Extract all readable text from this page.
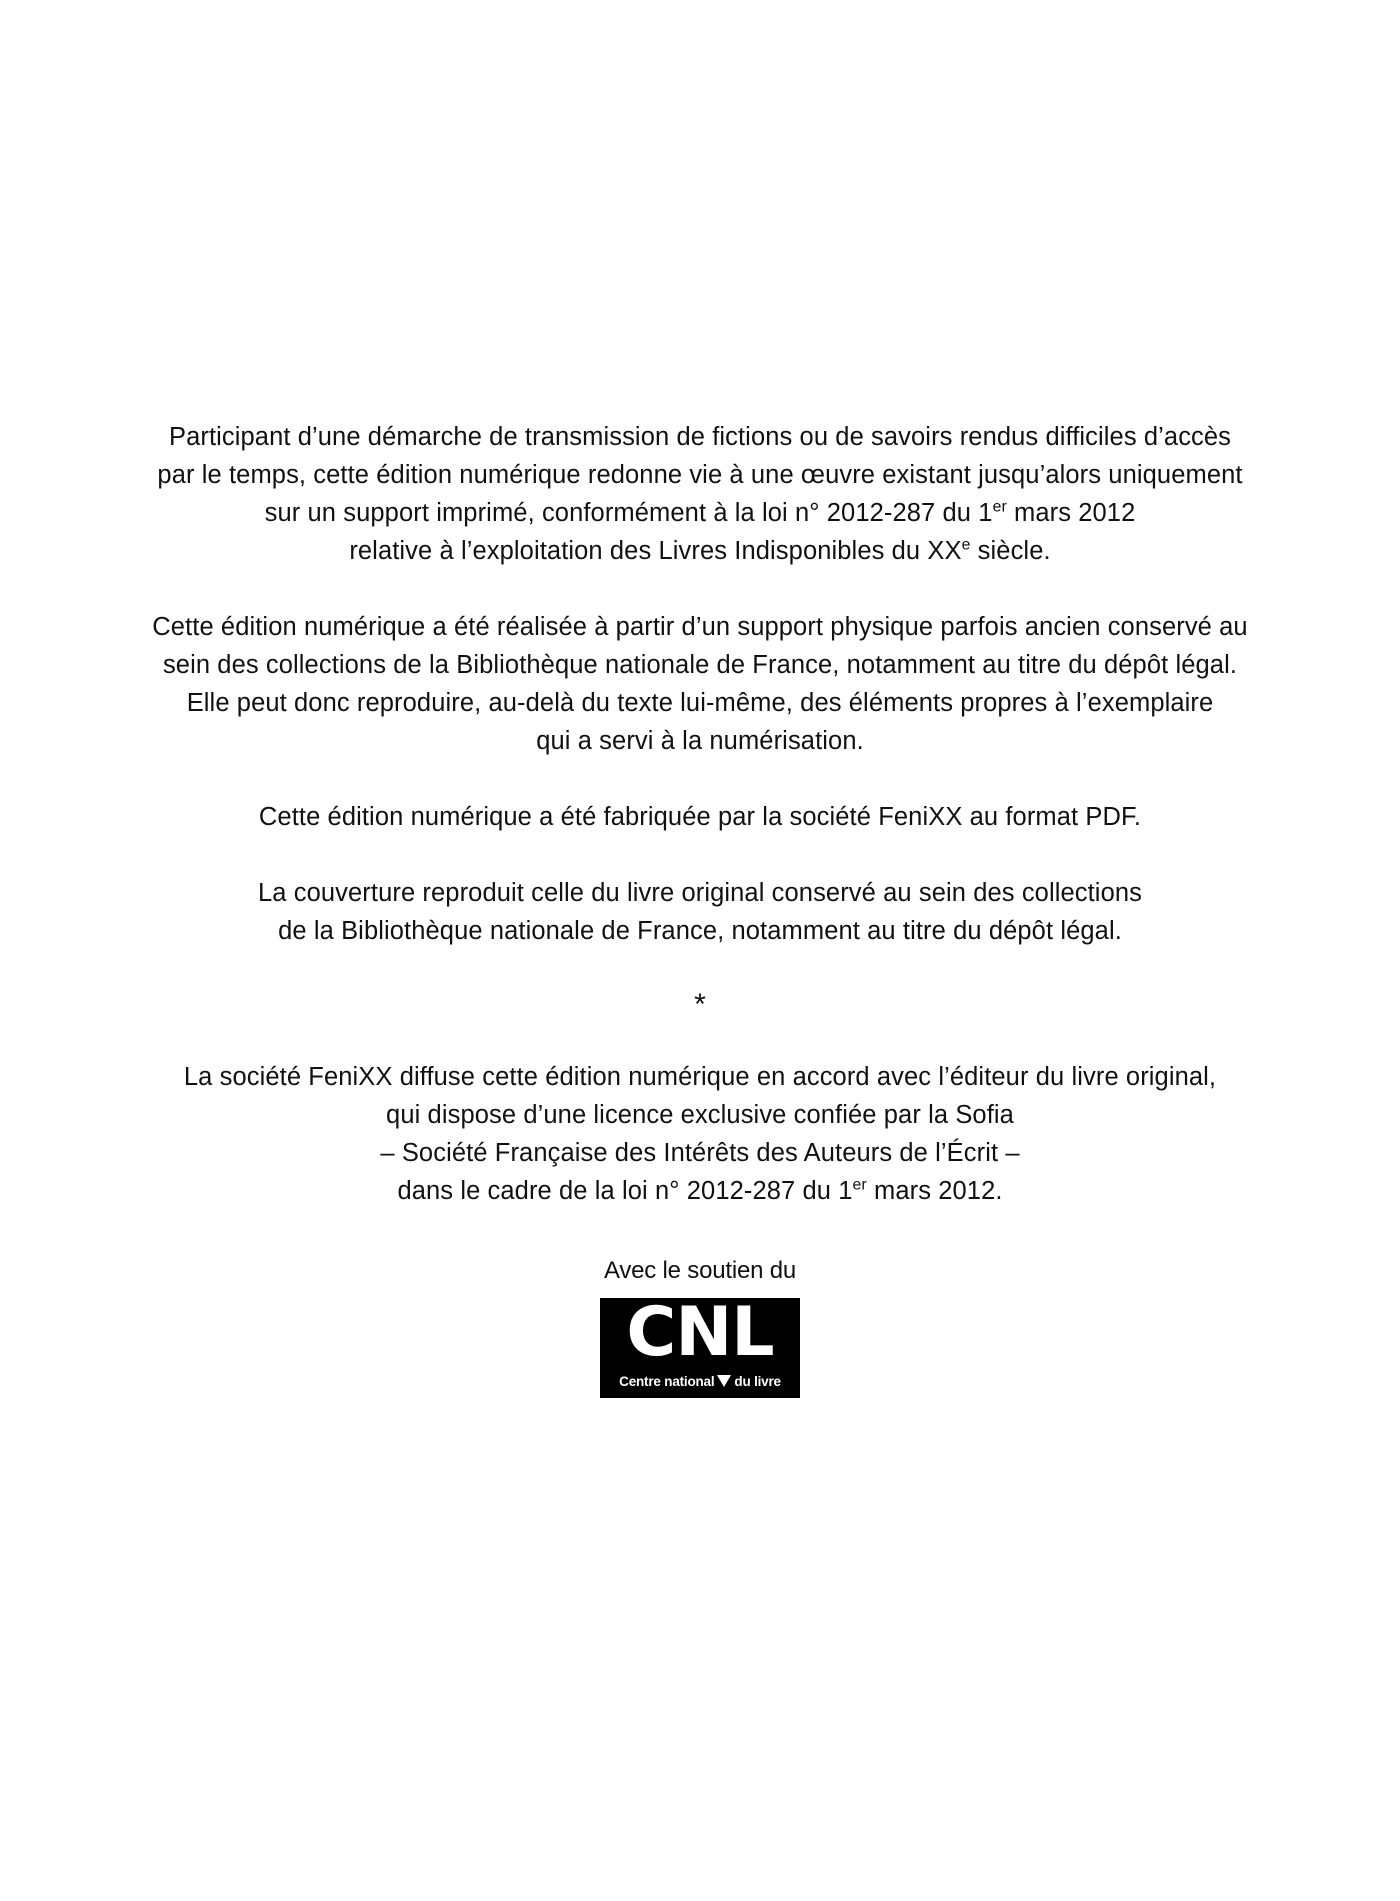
Participant d’une démarche de transmission de fictions ou de savoirs rendus difficiles d’accès
par le temps, cette édition numérique redonne vie à une œuvre existant jusqu’alors uniquement
sur un support imprimé, conformément à la loi n° 2012-287 du 1er mars 2012
relative à l’exploitation des Livres Indisponibles du XXe siècle.
Cette édition numérique a été réalisée à partir d’un support physique parfois ancien conservé au
sein des collections de la Bibliothèque nationale de France, notamment au titre du dépôt légal.
Elle peut donc reproduire, au-delà du texte lui-même, des éléments propres à l’exemplaire
qui a servi à la numérisation.
Cette édition numérique a été fabriquée par la société FeniXX au format PDF.
La couverture reproduit celle du livre original conservé au sein des collections
de la Bibliothèque nationale de France, notamment au titre du dépôt légal.
*
La société FeniXX diffuse cette édition numérique en accord avec l’éditeur du livre original,
qui dispose d’une licence exclusive confiée par la Sofia
– Société Française des Intérêts des Auteurs de l’Écrit –
dans le cadre de la loi n° 2012-287 du 1er mars 2012.
Avec le soutien du
CNL
Centre national du livre
